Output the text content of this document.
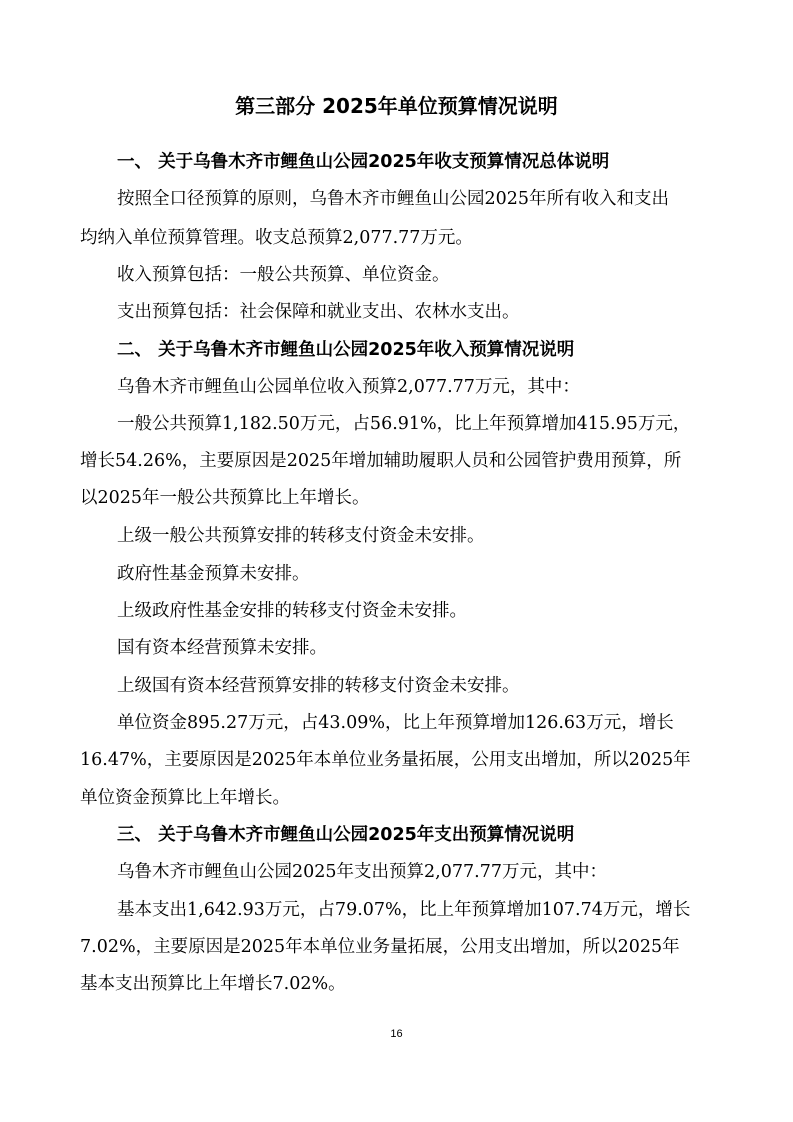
第三部分 2025年单位预算情况说明
一、 关于乌鲁木齐市鲤鱼山公园2025年收支预算情况总体说明
按照全口径预算的原则，乌鲁木齐市鲤鱼山公园2025年所有收入和支出
均纳入单位预算管理。收支总预算2,077.77万元。
收入预算包括：一般公共预算、单位资金。
支出预算包括：社会保障和就业支出、农林水支出。
二、 关于乌鲁木齐市鲤鱼山公园2025年收入预算情况说明
乌鲁木齐市鲤鱼山公园单位收入预算2,077.77万元，其中：
一般公共预算1,182.50万元，占56.91%，比上年预算增加415.95万元，
增长54.26%，主要原因是2025年增加辅助履职人员和公园管护费用预算，所
以2025年一般公共预算比上年增长。
上级一般公共预算安排的转移支付资金未安排。
政府性基金预算未安排。
上级政府性基金安排的转移支付资金未安排。
国有资本经营预算未安排。
上级国有资本经营预算安排的转移支付资金未安排。
单位资金895.27万元，占43.09%，比上年预算增加126.63万元，增长
16.47%，主要原因是2025年本单位业务量拓展，公用支出增加，所以2025年
单位资金预算比上年增长。
三、 关于乌鲁木齐市鲤鱼山公园2025年支出预算情况说明
乌鲁木齐市鲤鱼山公园2025年支出预算2,077.77万元，其中：
基本支出1,642.93万元，占79.07%，比上年预算增加107.74万元，增长
7.02%，主要原因是2025年本单位业务量拓展，公用支出增加，所以2025年
基本支出预算比上年增长7.02%。
16
